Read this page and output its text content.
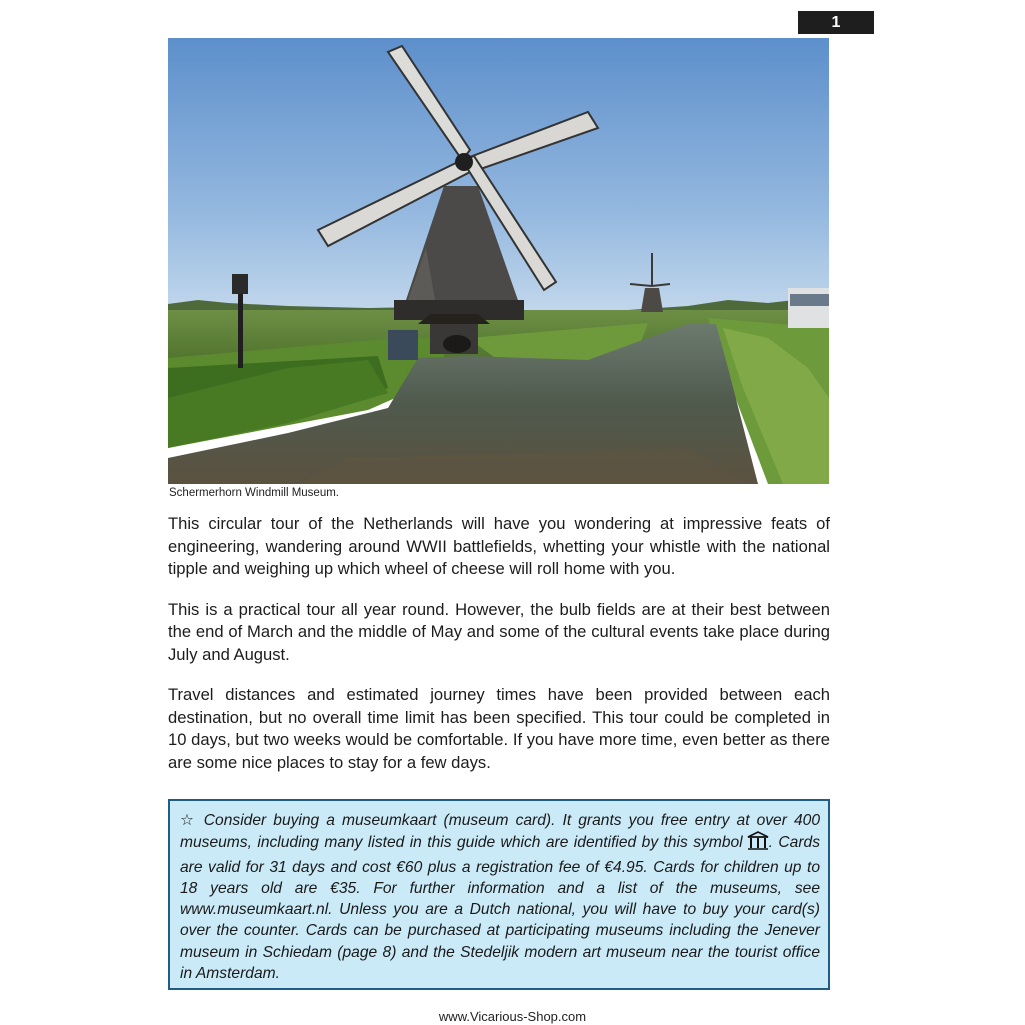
1
Schermerhorn Windmill Museum.

This circular tour of the Netherlands will have you wondering at impressive feats of engineering, wandering around WWII battlefields, whetting your whistle with the national tipple and weighing up which wheel of cheese will roll home with you.

This is a practical tour all year round. However, the bulb fields are at their best between the end of March and the middle of May and some of the cultural events take place during July and August.

Travel distances and estimated journey times have been provided between each destination, but no overall time limit has been specified. This tour could be completed in 10 days, but two weeks would be comfortable. If you have more time, even better as there are some nice places to stay for a few days.

☆ Consider buying a museumkaart (museum card). It grants you free entry at over 400 museums, including many listed in this guide which are identified by this symbol . Cards are valid for 31 days and cost €60 plus a registration fee of €4.95. Cards for children up to 18 years old are €35. For further information and a list of the museums, see www.museumkaart.nl. Unless you are a Dutch national, you will have to buy your card(s) over the counter. Cards can be purchased at participating museums including the Jenever museum in Schiedam (page 8) and the Stedeljik modern art museum near the tourist office in Amsterdam.
www.Vicarious-Shop.com
